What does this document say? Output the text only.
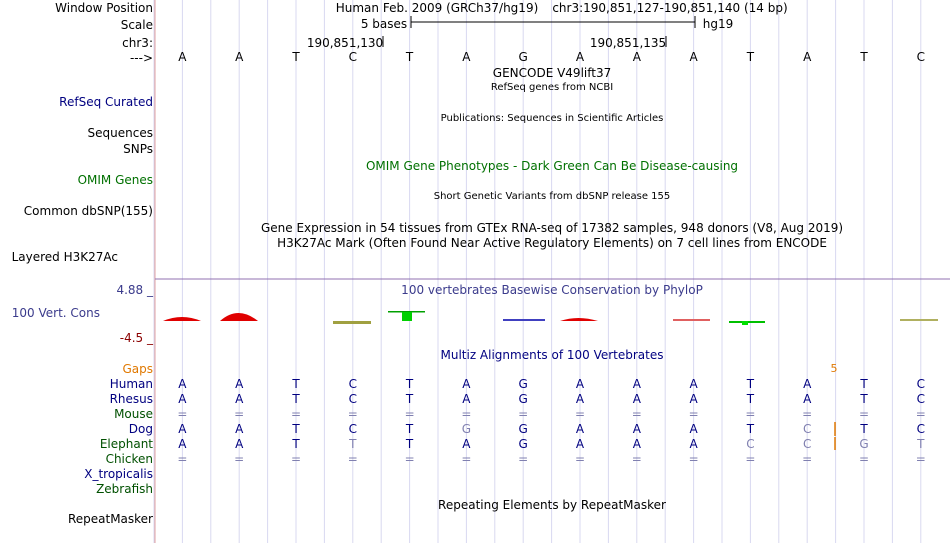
Window Position	Human Feb. 2009 (GRCh37/hg19) chr3:190,851,127-190,851,140 (14 bp)
Scale	5 bases	hg19
chr3:	190,851,130	190,851,135
---> A	A	T	C	T	A	G	A	A	A	T	A	T	C
GENCODE V49lift37
RefSeq genes from NCBI
RefSeq Curated
Publications: Sequences in Scientific Articles
Sequences
SNPs
OMIM Gene Phenotypes - Dark Green Can Be Disease-causing
OMIM Genes
Short Genetic Variants from dbSNP release 155
Common dbSNP(155)
Gene Expression in 54 tissues from GTEx RNA-seq of 17382 samples, 948 donors (V8, Aug 2019)
H3K27Ac Mark (Often Found Near Active Regulatory Elements) on 7 cell lines from ENCODE
Layered H3K27Ac
4.88 _	100 vertebrates Basewise Conservation by PhyloP
100 Vert. Cons
-4.5 _
Multiz Alignments of 100 Vertebrates
Gaps	5
Human A	A	T	C	T	A	G	A	A	A	T	A	T	C
Rhesus A	A	T	C	T	A	G	A	A	A	T	A	T	C
Mouse =	=	=	=	=	=	=	=	=	=	=	=	=	=
Dog A	A	T	C	T	G	G	A	A	A	T	C	T	C
Elephant A	A	T	T	T	A	G	A	A	A	C	C	G	T
Chicken =	=	=	=	=	=	=	=	=	=	=	=	=	=
X_tropicalis
Zebrafish
Repeating Elements by RepeatMasker
RepeatMasker
